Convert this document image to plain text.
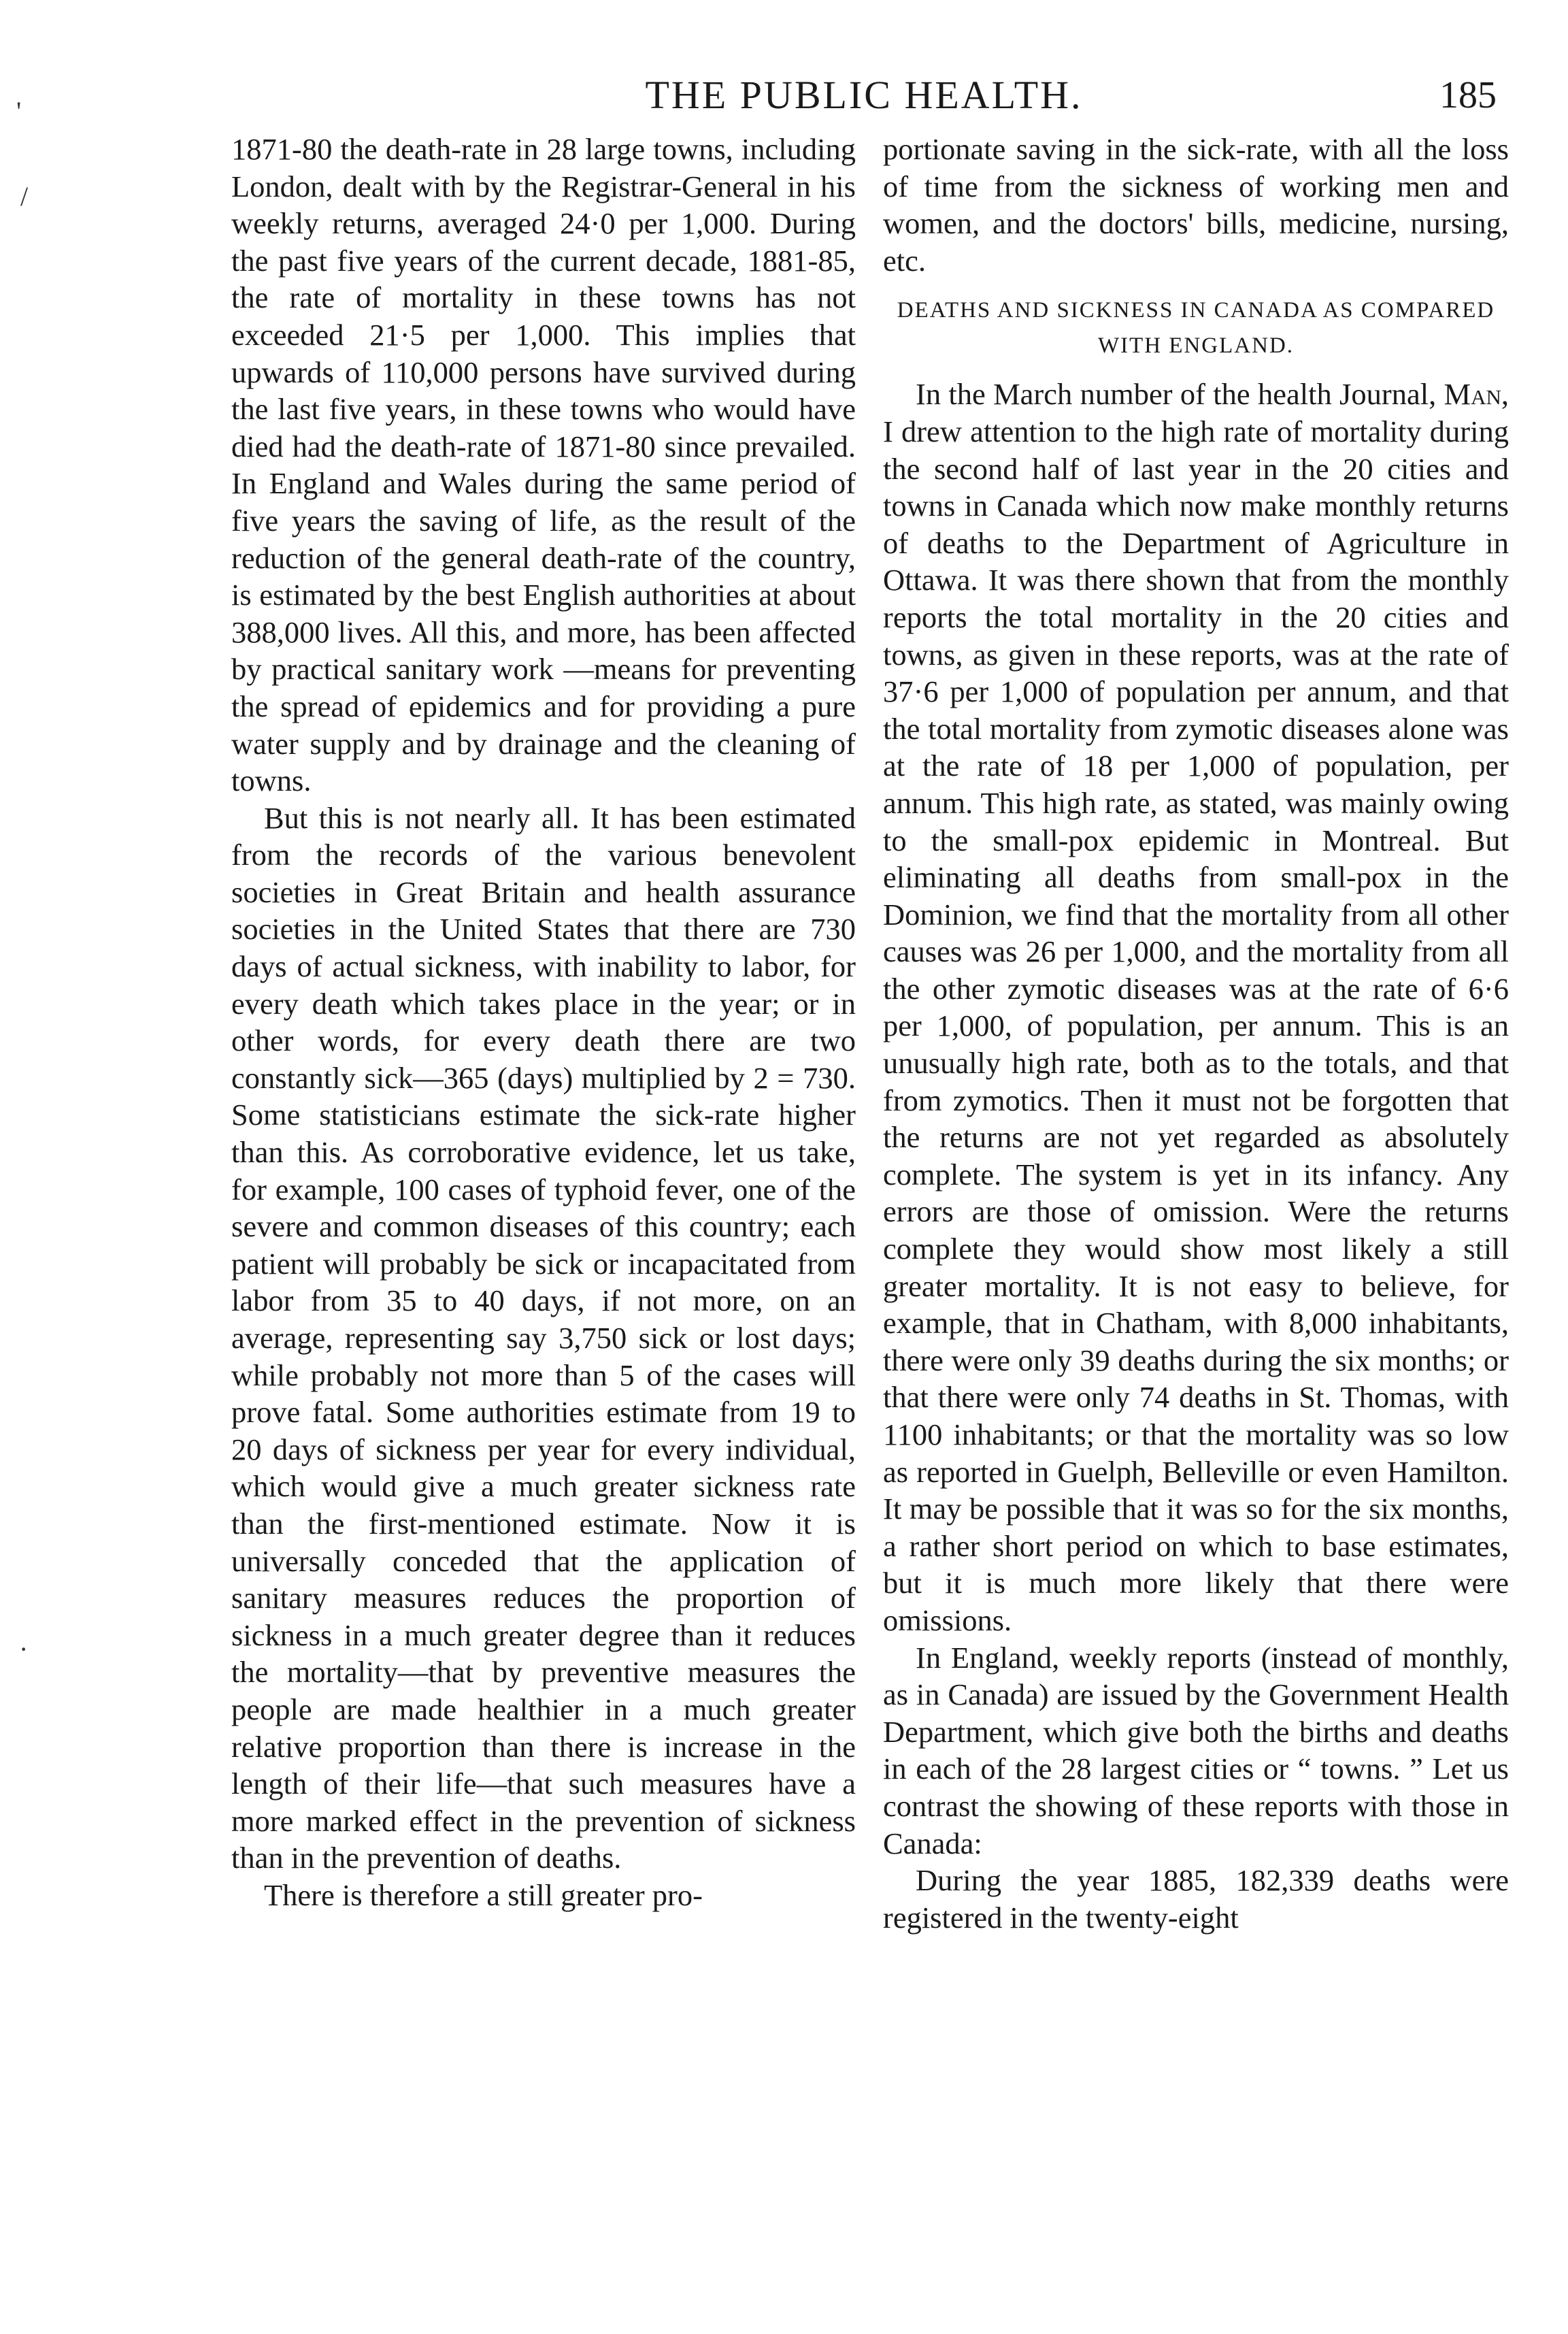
THE PUBLIC HEALTH.	185
'
/
·

1871-80 the death-rate in 28 large towns, including London, dealt with by the Registrar-General in his weekly returns, averaged 24·0 per 1,000. During the past five years of the current decade, 1881-85, the rate of mortality in these towns has not exceeded 21·5 per 1,000. This implies that upwards of 110,000 persons have survived during the last five years, in these towns who would have died had the death-rate of 1871-80 since prevailed. In England and Wales during the same period of five years the saving of life, as the result of the reduction of the general death-rate of the country, is estimated by the best English authorities at about 388,000 lives. All this, and more, has been affected by practical sanitary work —means for preventing the spread of epidemics and for providing a pure water supply and by drainage and the cleaning of towns.

But this is not nearly all. It has been estimated from the records of the various benevolent societies in Great Britain and health assurance societies in the United States that there are 730 days of actual sickness, with inability to labor, for every death which takes place in the year; or in other words, for every death there are two constantly sick—365 (days) multiplied by 2 = 730. Some statisticians estimate the sick-rate higher than this. As corroborative evidence, let us take, for example, 100 cases of typhoid fever, one of the severe and common diseases of this country; each patient will probably be sick or incapacitated from labor from 35 to 40 days, if not more, on an average, representing say 3,750 sick or lost days; while probably not more than 5 of the cases will prove fatal. Some authorities estimate from 19 to 20 days of sickness per year for every individual, which would give a much greater sickness rate than the first-mentioned estimate. Now it is universally conceded that the application of sanitary measures reduces the proportion of sickness in a much greater degree than it reduces the mortality—that by preventive measures the people are made healthier in a much greater relative proportion than there is increase in the length of their life—that such measures have a more marked effect in the prevention of sickness than in the prevention of deaths.

There is therefore a still greater pro-

portionate saving in the sick-rate, with all the loss of time from the sickness of working men and women, and the doctors' bills, medicine, nursing, etc.

DEATHS AND SICKNESS IN CANADA AS COMPARED WITH ENGLAND.

In the March number of the health Journal, Man, I drew attention to the high rate of mortality during the second half of last year in the 20 cities and towns in Canada which now make monthly returns of deaths to the Department of Agriculture in Ottawa. It was there shown that from the monthly reports the total mortality in the 20 cities and towns, as given in these reports, was at the rate of 37·6 per 1,000 of population per annum, and that the total mortality from zymotic diseases alone was at the rate of 18 per 1,000 of population, per annum. This high rate, as stated, was mainly owing to the small-pox epidemic in Montreal. But eliminating all deaths from small-pox in the Dominion, we find that the mortality from all other causes was 26 per 1,000, and the mortality from all the other zymotic diseases was at the rate of 6·6 per 1,000, of population, per annum. This is an unusually high rate, both as to the totals, and that from zymotics. Then it must not be forgotten that the returns are not yet regarded as absolutely complete. The system is yet in its infancy. Any errors are those of omission. Were the returns complete they would show most likely a still greater mortality. It is not easy to believe, for example, that in Chatham, with 8,000 inhabitants, there were only 39 deaths during the six months; or that there were only 74 deaths in St. Thomas, with 1100 inhabitants; or that the mortality was so low as reported in Guelph, Belleville or even Hamilton. It may be possible that it was so for the six months, a rather short period on which to base estimates, but it is much more likely that there were omissions.

In England, weekly reports (instead of monthly, as in Canada) are issued by the Government Health Department, which give both the births and deaths in each of the 28 largest cities or “ towns. ” Let us contrast the showing of these reports with those in Canada:

During the year 1885, 182,339 deaths were registered in the twenty-eight
